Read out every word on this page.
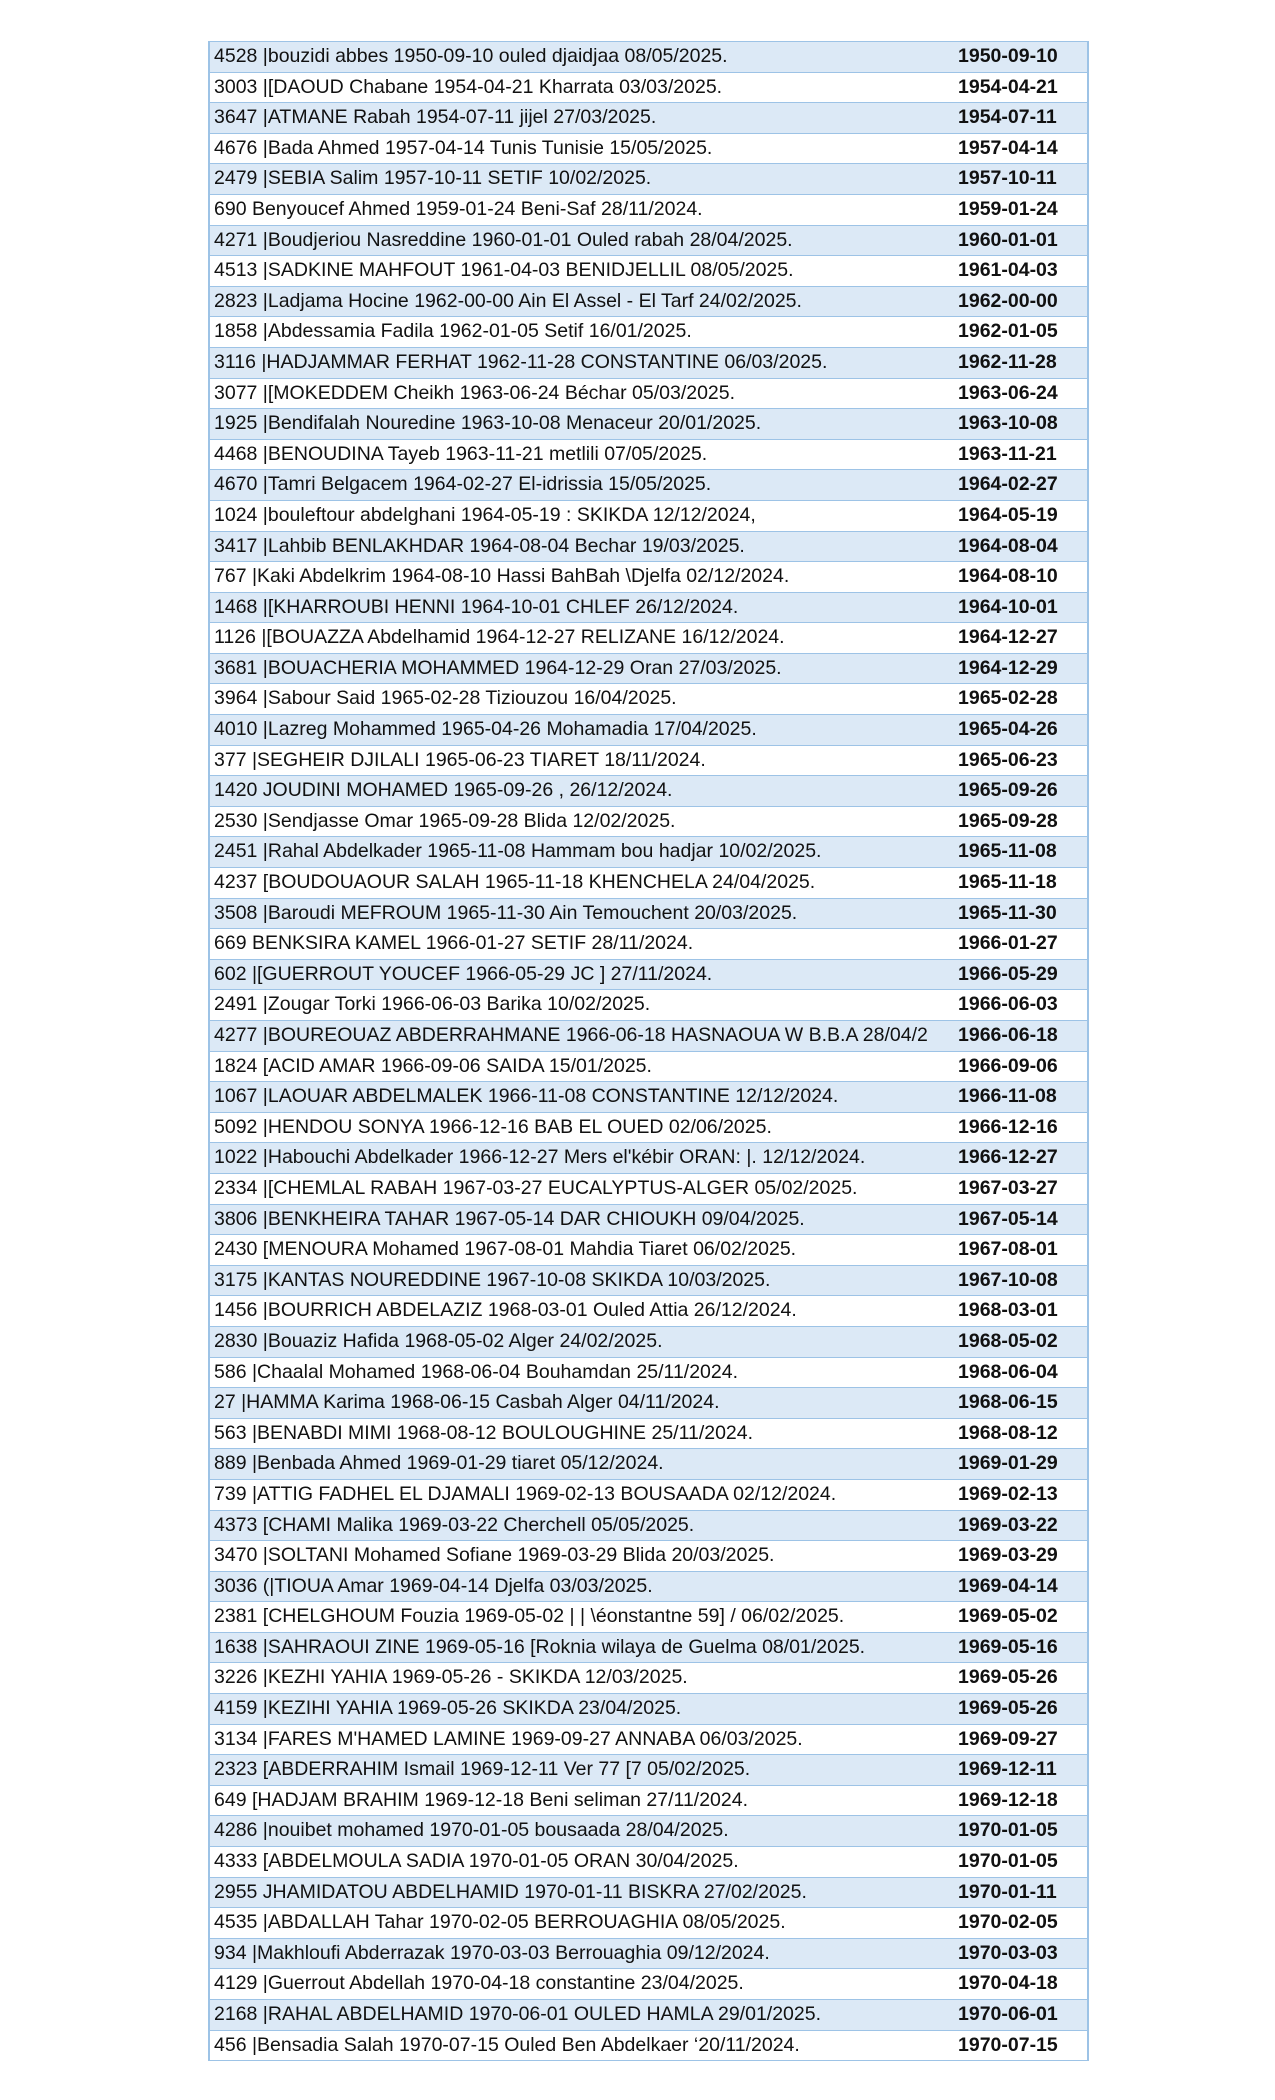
4528 |bouzidi abbes 1950-09-10 ouled djaidjaa 08/05/2025.	1950-09-10
3003 |[DAOUD Chabane 1954-04-21 Kharrata 03/03/2025.	1954-04-21
3647 |ATMANE Rabah 1954-07-11 jijel 27/03/2025.	1954-07-11
4676 |Bada Ahmed 1957-04-14 Tunis Tunisie 15/05/2025.	1957-04-14
2479 |SEBIA Salim 1957-10-11 SETIF 10/02/2025.	1957-10-11
690 Benyoucef Ahmed 1959-01-24 Beni-Saf 28/11/2024.	1959-01-24
4271 |Boudjeriou Nasreddine 1960-01-01 Ouled rabah 28/04/2025.	1960-01-01
4513 |SADKINE MAHFOUT 1961-04-03 BENIDJELLIL 08/05/2025.	1961-04-03
2823 |Ladjama Hocine 1962-00-00 Ain El Assel - El Tarf 24/02/2025.	1962-00-00
1858 |Abdessamia Fadila 1962-01-05 Setif 16/01/2025.	1962-01-05
3116 |HADJAMMAR FERHAT 1962-11-28 CONSTANTINE 06/03/2025.	1962-11-28
3077 |[MOKEDDEM Cheikh 1963-06-24 Béchar 05/03/2025.	1963-06-24
1925 |Bendifalah Nouredine 1963-10-08 Menaceur 20/01/2025.	1963-10-08
4468 |BENOUDINA Tayeb 1963-11-21 metlili 07/05/2025.	1963-11-21
4670 |Tamri Belgacem 1964-02-27 El-idrissia 15/05/2025.	1964-02-27
1024 |bouleftour abdelghani 1964-05-19 : SKIKDA 12/12/2024,	1964-05-19
3417 |Lahbib BENLAKHDAR 1964-08-04 Bechar 19/03/2025.	1964-08-04
767 |Kaki Abdelkrim 1964-08-10 Hassi BahBah \Djelfa 02/12/2024.	1964-08-10
1468 |[KHARROUBI HENNI 1964-10-01 CHLEF 26/12/2024.	1964-10-01
1126 |[BOUAZZA Abdelhamid 1964-12-27 RELIZANE 16/12/2024.	1964-12-27
3681 |BOUACHERIA MOHAMMED 1964-12-29 Oran 27/03/2025.	1964-12-29
3964 |Sabour Said 1965-02-28 Tiziouzou 16/04/2025.	1965-02-28
4010 |Lazreg Mohammed 1965-04-26 Mohamadia 17/04/2025.	1965-04-26
377 |SEGHEIR DJILALI 1965-06-23 TIARET 18/11/2024.	1965-06-23
1420 JOUDINI MOHAMED 1965-09-26 , 26/12/2024.	1965-09-26
2530 |Sendjasse Omar 1965-09-28 Blida 12/02/2025.	1965-09-28
2451 |Rahal Abdelkader 1965-11-08 Hammam bou hadjar 10/02/2025.	1965-11-08
4237 [BOUDOUAOUR SALAH 1965-11-18 KHENCHELA 24/04/2025.	1965-11-18
3508 |Baroudi MEFROUM 1965-11-30 Ain Temouchent 20/03/2025.	1965-11-30
669 BENKSIRA KAMEL 1966-01-27 SETIF 28/11/2024.	1966-01-27
602 |[GUERROUT YOUCEF 1966-05-29 JC ] 27/11/2024.	1966-05-29
2491 |Zougar Torki 1966-06-03 Barika 10/02/2025.	1966-06-03
4277 |BOUREOUAZ ABDERRAHMANE 1966-06-18 HASNAOUA W B.B.A 28/04/2	1966-06-18
1824 [ACID AMAR 1966-09-06 SAIDA 15/01/2025.	1966-09-06
1067 |LAOUAR ABDELMALEK 1966-11-08 CONSTANTINE 12/12/2024.	1966-11-08
5092 |HENDOU SONYA 1966-12-16 BAB EL OUED 02/06/2025.	1966-12-16
1022 |Habouchi Abdelkader 1966-12-27 Mers el'kébir ORAN: |. 12/12/2024.	1966-12-27
2334 |[CHEMLAL RABAH 1967-03-27 EUCALYPTUS-ALGER 05/02/2025.	1967-03-27
3806 |BENKHEIRA TAHAR 1967-05-14 DAR CHIOUKH 09/04/2025.	1967-05-14
2430 [MENOURA Mohamed 1967-08-01 Mahdia Tiaret 06/02/2025.	1967-08-01
3175 |KANTAS NOUREDDINE 1967-10-08 SKIKDA 10/03/2025.	1967-10-08
1456 |BOURRICH ABDELAZIZ 1968-03-01 Ouled Attia 26/12/2024.	1968-03-01
2830 |Bouaziz Hafida 1968-05-02 Alger 24/02/2025.	1968-05-02
586 |Chaalal Mohamed 1968-06-04 Bouhamdan 25/11/2024.	1968-06-04
27 |HAMMA Karima 1968-06-15 Casbah Alger 04/11/2024.	1968-06-15
563 |BENABDI MIMI 1968-08-12 BOULOUGHINE 25/11/2024.	1968-08-12
889 |Benbada Ahmed 1969-01-29 tiaret 05/12/2024.	1969-01-29
739 |ATTIG FADHEL EL DJAMALI 1969-02-13 BOUSAADA 02/12/2024.	1969-02-13
4373 [CHAMI Malika 1969-03-22 Cherchell 05/05/2025.	1969-03-22
3470 |SOLTANI Mohamed Sofiane 1969-03-29 Blida 20/03/2025.	1969-03-29
3036 (|TIOUA Amar 1969-04-14 Djelfa 03/03/2025.	1969-04-14
2381 [CHELGHOUM Fouzia 1969-05-02 | | \éonstantne 59] / 06/02/2025.	1969-05-02
1638 |SAHRAOUI ZINE 1969-05-16 [Roknia wilaya de Guelma 08/01/2025.	1969-05-16
3226 |KEZHI YAHIA 1969-05-26 - SKIKDA 12/03/2025.	1969-05-26
4159 |KEZIHI YAHIA 1969-05-26 SKIKDA 23/04/2025.	1969-05-26
3134 |FARES M'HAMED LAMINE 1969-09-27 ANNABA 06/03/2025.	1969-09-27
2323 [ABDERRAHIM Ismail 1969-12-11 Ver 77 [7 05/02/2025.	1969-12-11
649 [HADJAM BRAHIM 1969-12-18 Beni seliman 27/11/2024.	1969-12-18
4286 |nouibet mohamed 1970-01-05 bousaada 28/04/2025.	1970-01-05
4333 [ABDELMOULA SADIA 1970-01-05 ORAN 30/04/2025.	1970-01-05
2955 JHAMIDATOU ABDELHAMID 1970-01-11 BISKRA 27/02/2025.	1970-01-11
4535 |ABDALLAH Tahar 1970-02-05 BERROUAGHIA 08/05/2025.	1970-02-05
934 |Makhloufi Abderrazak 1970-03-03 Berrouaghia 09/12/2024.	1970-03-03
4129 |Guerrout Abdellah 1970-04-18 constantine 23/04/2025.	1970-04-18
2168 |RAHAL ABDELHAMID 1970-06-01 OULED HAMLA 29/01/2025.	1970-06-01
456 |Bensadia Salah 1970-07-15 Ouled Ben Abdelkaer ‘20/11/2024.	1970-07-15
